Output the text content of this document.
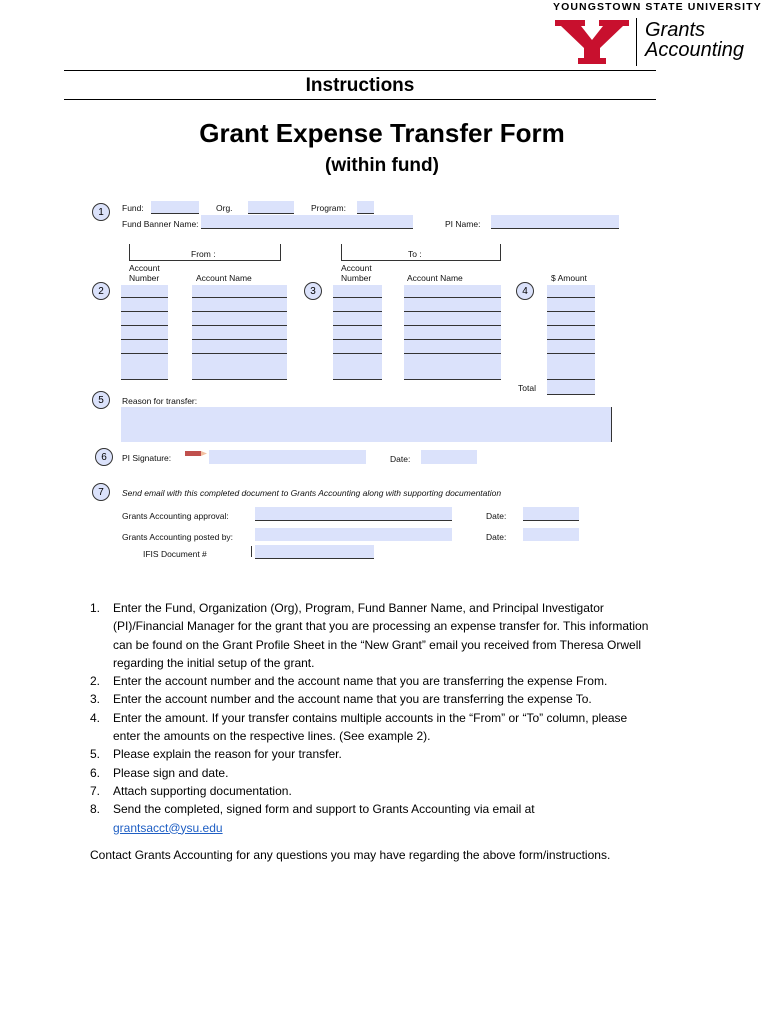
YOUNGSTOWN STATE UNIVERSITY
Grants
Accounting
Instructions
Grant Expense Transfer Form
(within fund)
1	Fund:	Org.	Program:
Fund Banner Name:	PI Name:
From :	To :
Account
Number	Account Name
Account
Number	Account Name	$ Amount
2	3	4
Total
5	Reason for transfer:
6	PI Signature:	Date:
7	Send email with this completed document to Grants Accounting along with supporting documentation
Grants Accounting approval:	Date:
Grants Accounting posted by:	Date:
IFIS Document #
1.	Enter the Fund, Organization (Org), Program, Fund Banner Name, and Principal Investigator (PI)/Financial Manager for the grant that you are processing an expense transfer for. This information can be found on the Grant Profile Sheet in the “New Grant” email you received from Theresa Orwell regarding the initial setup of the grant.
2.	Enter the account number and the account name that you are transferring the expense From.
3.	Enter the account number and the account name that you are transferring the expense To.
4.	Enter the amount. If your transfer contains multiple accounts in the “From” or “To” column, please enter the amounts on the respective lines. (See example 2).
5.	Please explain the reason for your transfer.
6.	Please sign and date.
7.	Attach supporting documentation.
8.	Send the completed, signed form and support to Grants Accounting via email at
grantsacct@ysu.edu
Contact Grants Accounting for any questions you may have regarding the above form/instructions.
